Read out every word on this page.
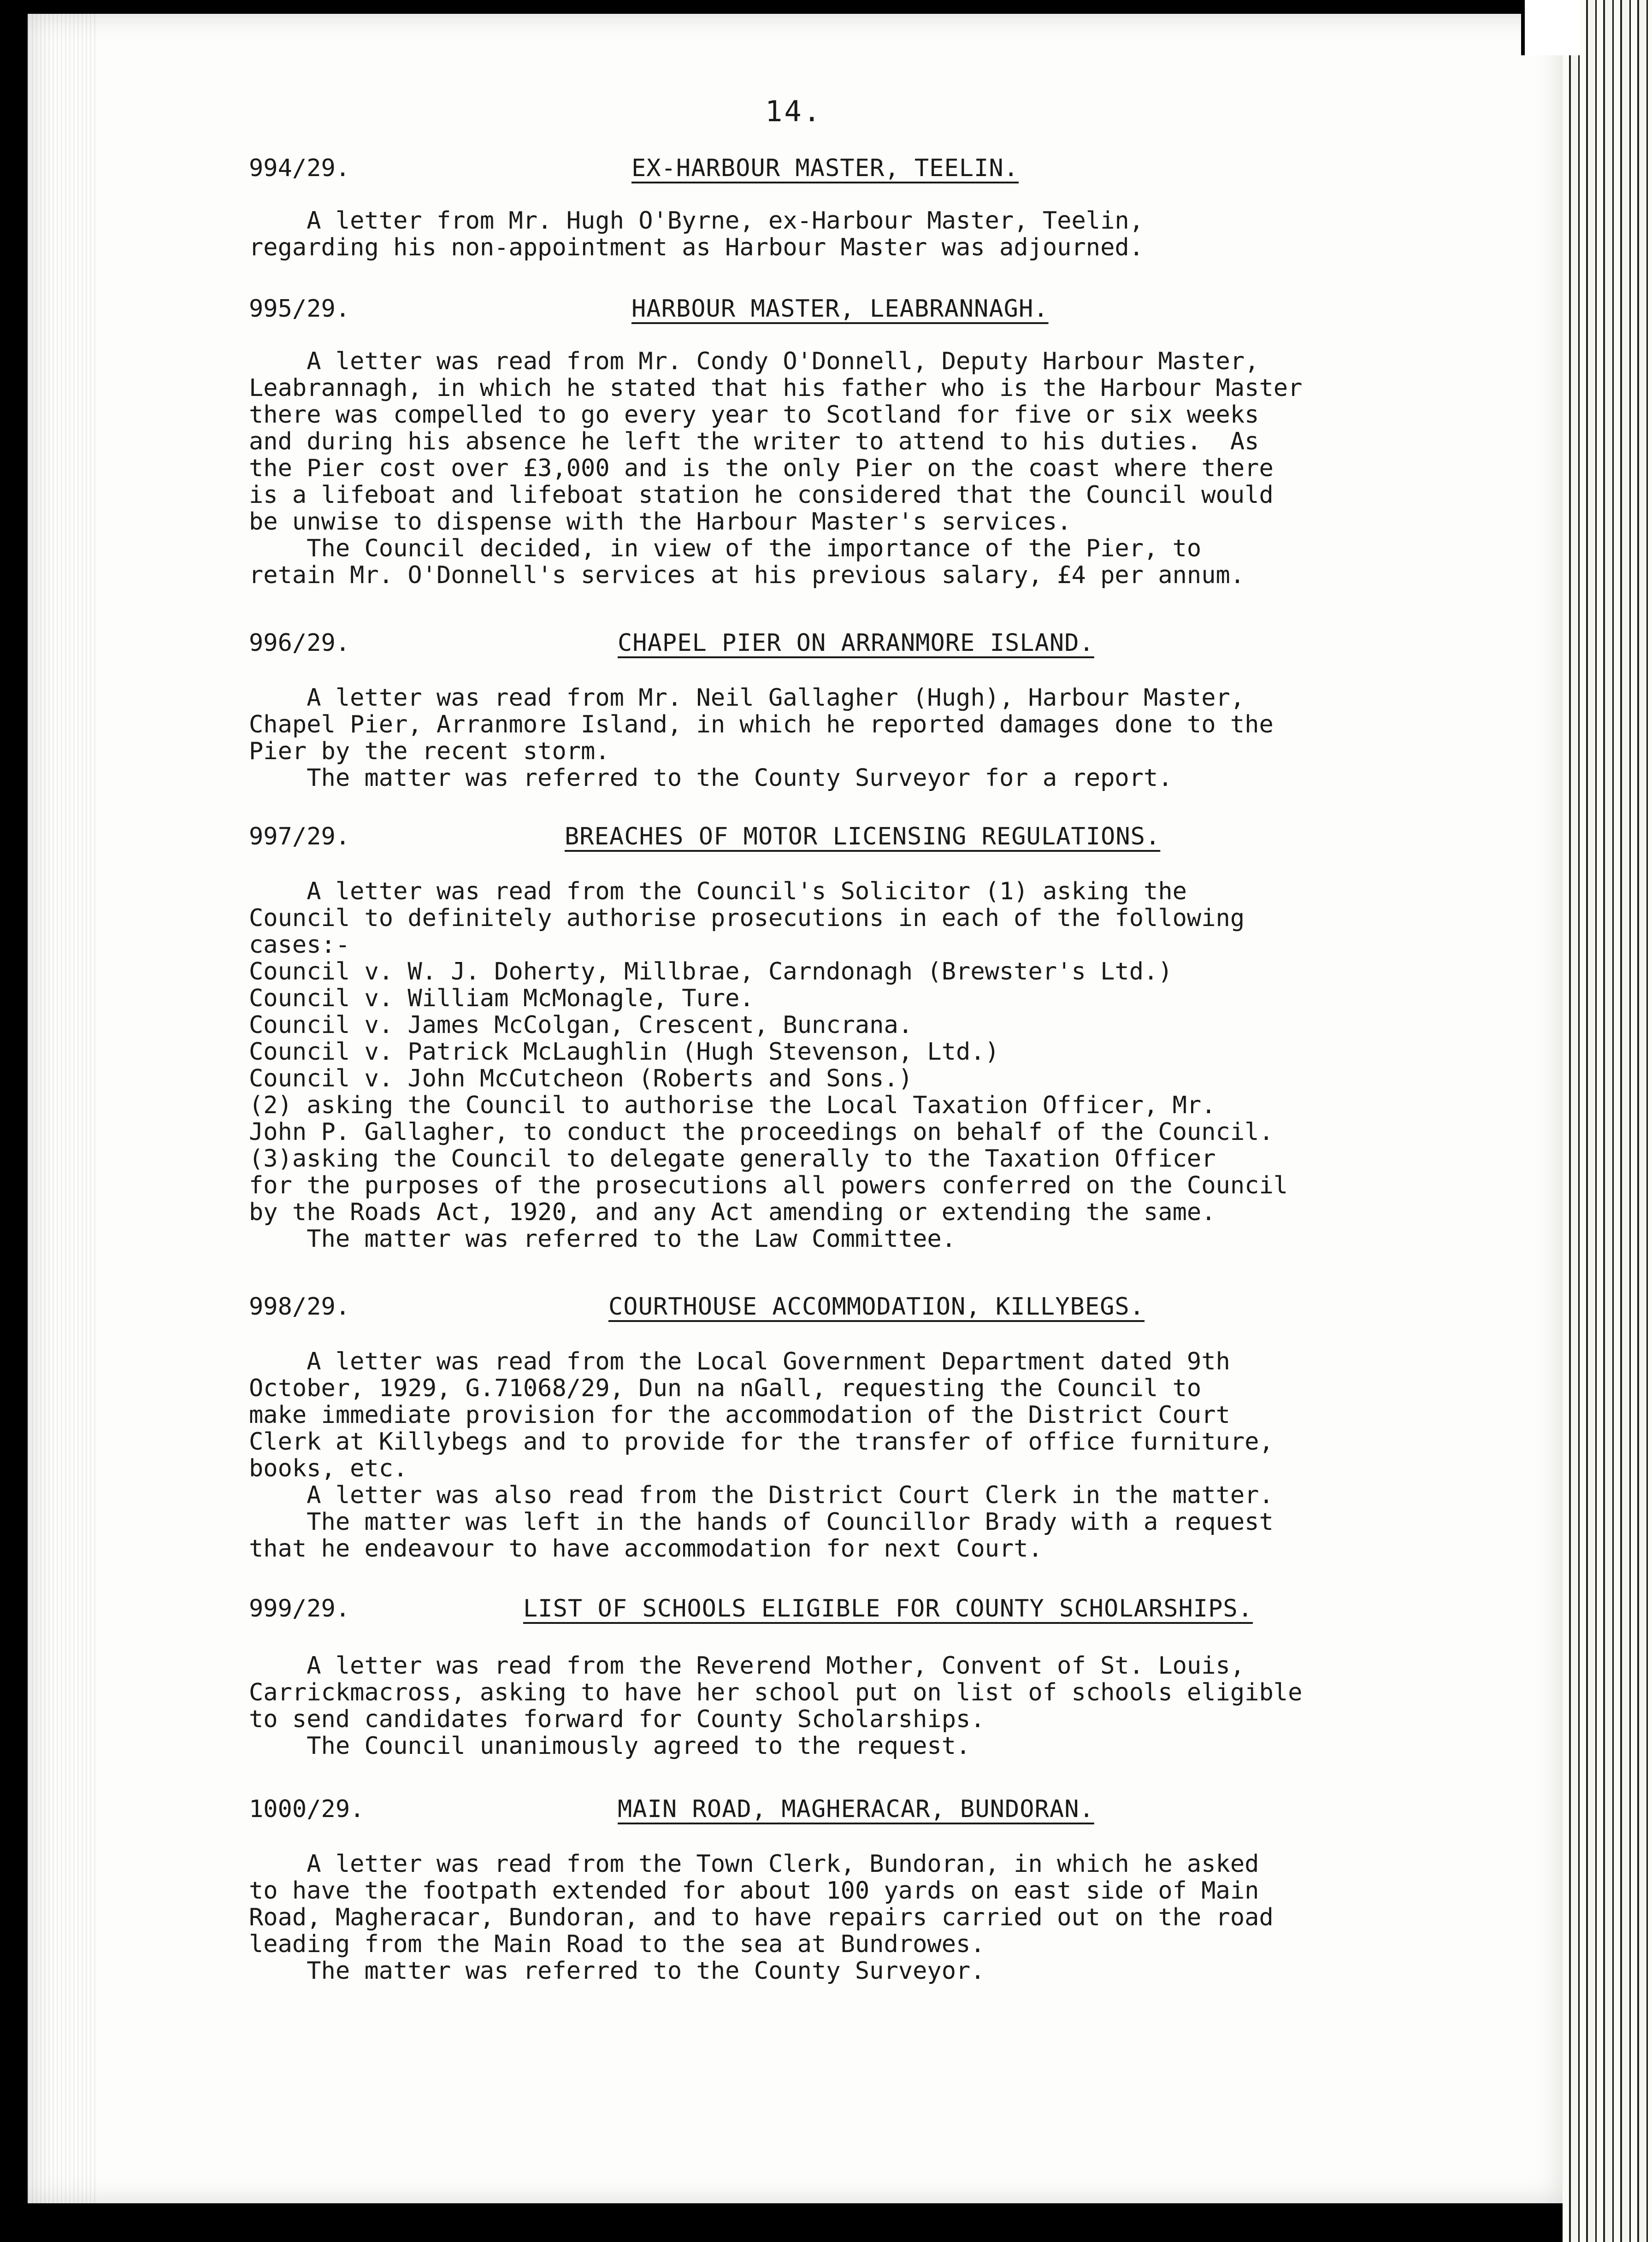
14.
994/29.	EX-HARBOUR MASTER, TEELIN.
A letter from Mr. Hugh O'Byrne, ex-Harbour Master, Teelin,
regarding his non-appointment as Harbour Master was adjourned.
995/29.	HARBOUR MASTER, LEABRANNAGH.
A letter was read from Mr. Condy O'Donnell, Deputy Harbour Master,
Leabrannagh, in which he stated that his father who is the Harbour Master
there was compelled to go every year to Scotland for five or six weeks
and during his absence he left the writer to attend to his duties.  As
the Pier cost over £3,000 and is the only Pier on the coast where there
is a lifeboat and lifeboat station he considered that the Council would
be unwise to dispense with the Harbour Master's services.
The Council decided, in view of the importance of the Pier, to
retain Mr. O'Donnell's services at his previous salary, £4 per annum.
996/29.	CHAPEL PIER ON ARRANMORE ISLAND.
A letter was read from Mr. Neil Gallagher (Hugh), Harbour Master,
Chapel Pier, Arranmore Island, in which he reported damages done to the
Pier by the recent storm.
The matter was referred to the County Surveyor for a report.
997/29.	BREACHES OF MOTOR LICENSING REGULATIONS.
A letter was read from the Council's Solicitor (1) asking the
Council to definitely authorise prosecutions in each of the following
cases:-
Council v. W. J. Doherty, Millbrae, Carndonagh (Brewster's Ltd.)
Council v. William McMonagle, Ture.
Council v. James McColgan, Crescent, Buncrana.
Council v. Patrick McLaughlin (Hugh Stevenson, Ltd.)
Council v. John McCutcheon (Roberts and Sons.)
(2) asking the Council to authorise the Local Taxation Officer, Mr.
John P. Gallagher, to conduct the proceedings on behalf of the Council.
(3)asking the Council to delegate generally to the Taxation Officer
for the purposes of the prosecutions all powers conferred on the Council
by the Roads Act, 1920, and any Act amending or extending the same.
The matter was referred to the Law Committee.
998/29.	COURTHOUSE ACCOMMODATION, KILLYBEGS.
A letter was read from the Local Government Department dated 9th
October, 1929, G.71068/29, Dun na nGall, requesting the Council to
make immediate provision for the accommodation of the District Court
Clerk at Killybegs and to provide for the transfer of office furniture,
books, etc.
A letter was also read from the District Court Clerk in the matter.
The matter was left in the hands of Councillor Brady with a request
that he endeavour to have accommodation for next Court.
999/29.	LIST OF SCHOOLS ELIGIBLE FOR COUNTY SCHOLARSHIPS.
A letter was read from the Reverend Mother, Convent of St. Louis,
Carrickmacross, asking to have her school put on list of schools eligible
to send candidates forward for County Scholarships.
The Council unanimously agreed to the request.
1000/29.	MAIN ROAD, MAGHERACAR, BUNDORAN.
A letter was read from the Town Clerk, Bundoran, in which he asked
to have the footpath extended for about 100 yards on east side of Main
Road, Magheracar, Bundoran, and to have repairs carried out on the road
leading from the Main Road to the sea at Bundrowes.
The matter was referred to the County Surveyor.
